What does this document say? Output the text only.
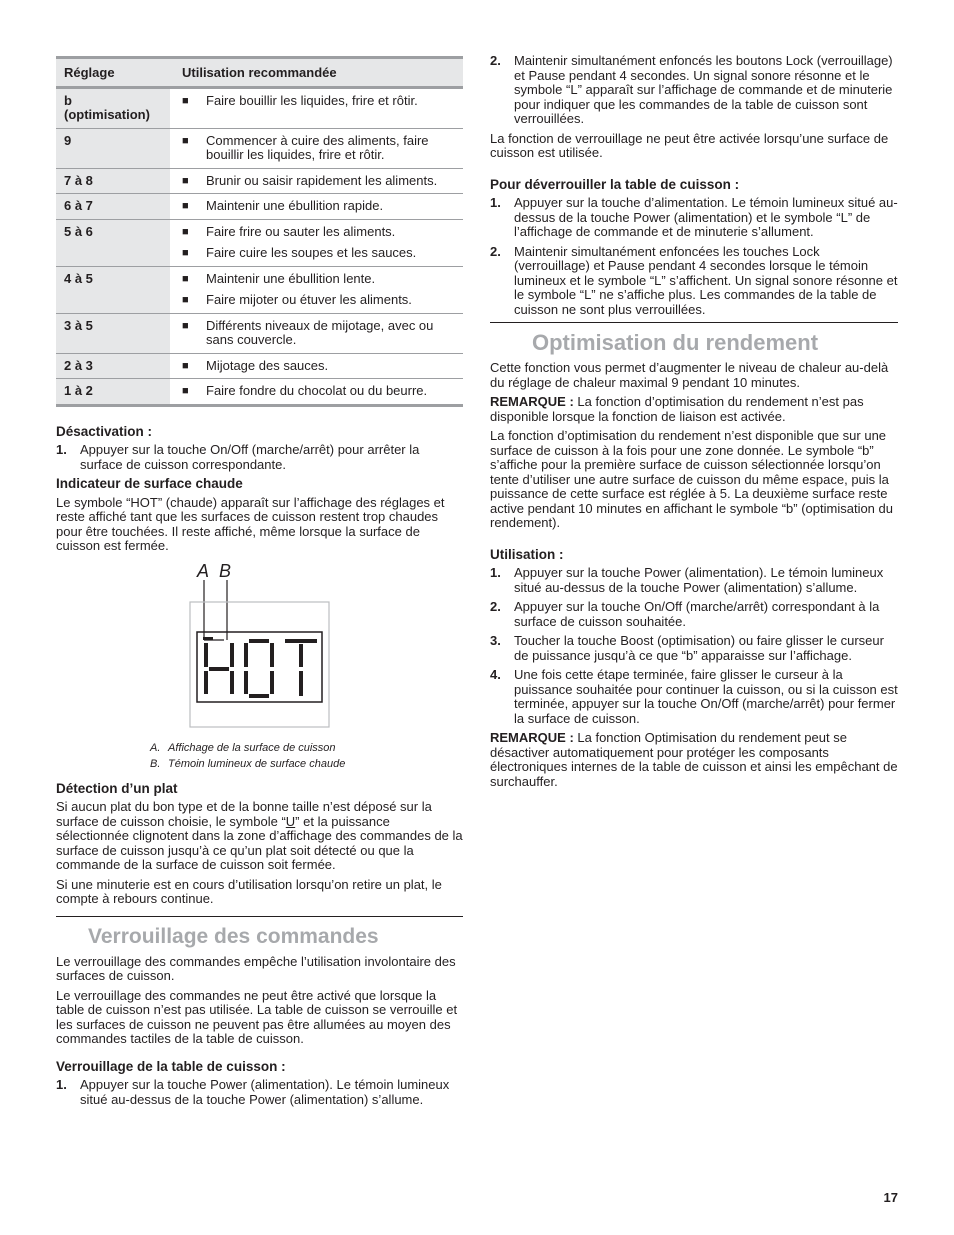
Réglage	Utilisation recommandée
b
(optimisation)	■ Faire bouillir les liquides, frire et rôtir.

9	■ Commencer à cuire des aliments, faire bouillir les liquides, frire et rôtir.

7 à 8	■ Brunir ou saisir rapidement les aliments.

6 à 7	■ Maintenir une ébullition rapide.

5 à 6	■ Faire frire ou sauter les aliments.
■ Faire cuire les soupes et les sauces.

4 à 5	■ Maintenir une ébullition lente.
■ Faire mijoter ou étuver les aliments.

3 à 5	■ Différents niveaux de mijotage, avec ou sans couvercle.

2 à 3	■ Mijotage des sauces.

1 à 2	■ Faire fondre du chocolat ou du beurre.
Désactivation :
1.	Appuyer sur la touche On/Off (marche/arrêt) pour arrêter la surface de cuisson correspondante.
Indicateur de surface chaude

Le symbole “HOT” (chaude) apparaît sur l’affichage des réglages et reste affiché tant que les surfaces de cuisson restent trop chaudes pour être touchées. Il reste affiché, même lorsque la surface de cuisson est fermée.

A B
HOT
A. Affichage de la surface de cuisson
B. Témoin lumineux de surface chaude
Détection d’un plat

Si aucun plat du bon type et de la bonne taille n’est déposé sur la surface de cuisson choisie, le symbole “U” et la puissance sélectionnée clignotent dans la zone d’affichage des commandes de la surface de cuisson jusqu’à ce qu’un plat soit détecté ou que la commande de la surface de cuisson soit fermée.

Si une minuterie est en cours d’utilisation lorsqu’on retire un plat, le compte à rebours continue.

Verrouillage des commandes

Le verrouillage des commandes empêche l’utilisation involontaire des surfaces de cuisson.

Le verrouillage des commandes ne peut être activé que lorsque la table de cuisson n’est pas utilisée. La table de cuisson se verrouille et les surfaces de cuisson ne peuvent pas être allumées au moyen des commandes tactiles de la table de cuisson.

Verrouillage de la table de cuisson :
1.	Appuyer sur la touche Power (alimentation). Le témoin lumineux situé au-dessus de la touche Power (alimentation) s’allume.
2.	Maintenir simultanément enfoncés les boutons Lock (verrouillage) et Pause pendant 4 secondes. Un signal sonore résonne et le symbole “L” apparaît sur l’affichage de commande et de minuterie pour indiquer que les commandes de la table de cuisson sont verrouillées.

La fonction de verrouillage ne peut être activée lorsqu’une surface de cuisson est utilisée.

Pour déverrouiller la table de cuisson :
1.	Appuyer sur la touche d’alimentation. Le témoin lumineux situé au-dessus de la touche Power (alimentation) et le symbole “L” de l’affichage de commande et de minuterie s’allument.
2.	Maintenir simultanément enfoncées les touches Lock (verrouillage) et Pause pendant 4 secondes lorsque le témoin lumineux et le symbole “L” s’affichent. Un signal sonore résonne et le symbole “L” ne s’affiche plus. Les commandes de la table de cuisson ne sont plus verrouillées.
Optimisation du rendement

Cette fonction vous permet d’augmenter le niveau de chaleur au-delà du réglage de chaleur maximal 9 pendant 10 minutes.

REMARQUE : La fonction d’optimisation du rendement n’est pas disponible lorsque la fonction de liaison est activée.

La fonction d’optimisation du rendement n’est disponible que sur une surface de cuisson à la fois pour une zone donnée. Le symbole “b” s’affiche pour la première surface de cuisson sélectionnée lorsqu’on tente d’utiliser une autre surface de cuisson du même espace, puis la puissance de cette surface est réglée à 5. La deuxième surface reste active pendant 10 minutes en affichant le symbole “b” (optimisation du rendement).

Utilisation :
1.	Appuyer sur la touche Power (alimentation). Le témoin lumineux situé au-dessus de la touche Power (alimentation) s’allume.
2.	Appuyer sur la touche On/Off (marche/arrêt) correspondant à la surface de cuisson souhaitée.
3.	Toucher la touche Boost (optimisation) ou faire glisser le curseur de puissance jusqu’à ce que “b” apparaisse sur l’affichage.
4.	Une fois cette étape terminée, faire glisser le curseur à la puissance souhaitée pour continuer la cuisson, ou si la cuisson est terminée, appuyer sur la touche On/Off (marche/arrêt) pour fermer la surface de cuisson.

REMARQUE : La fonction Optimisation du rendement peut se désactiver automatiquement pour protéger les composants électroniques internes de la table de cuisson et ainsi les empêchant de surchauffer.

17
